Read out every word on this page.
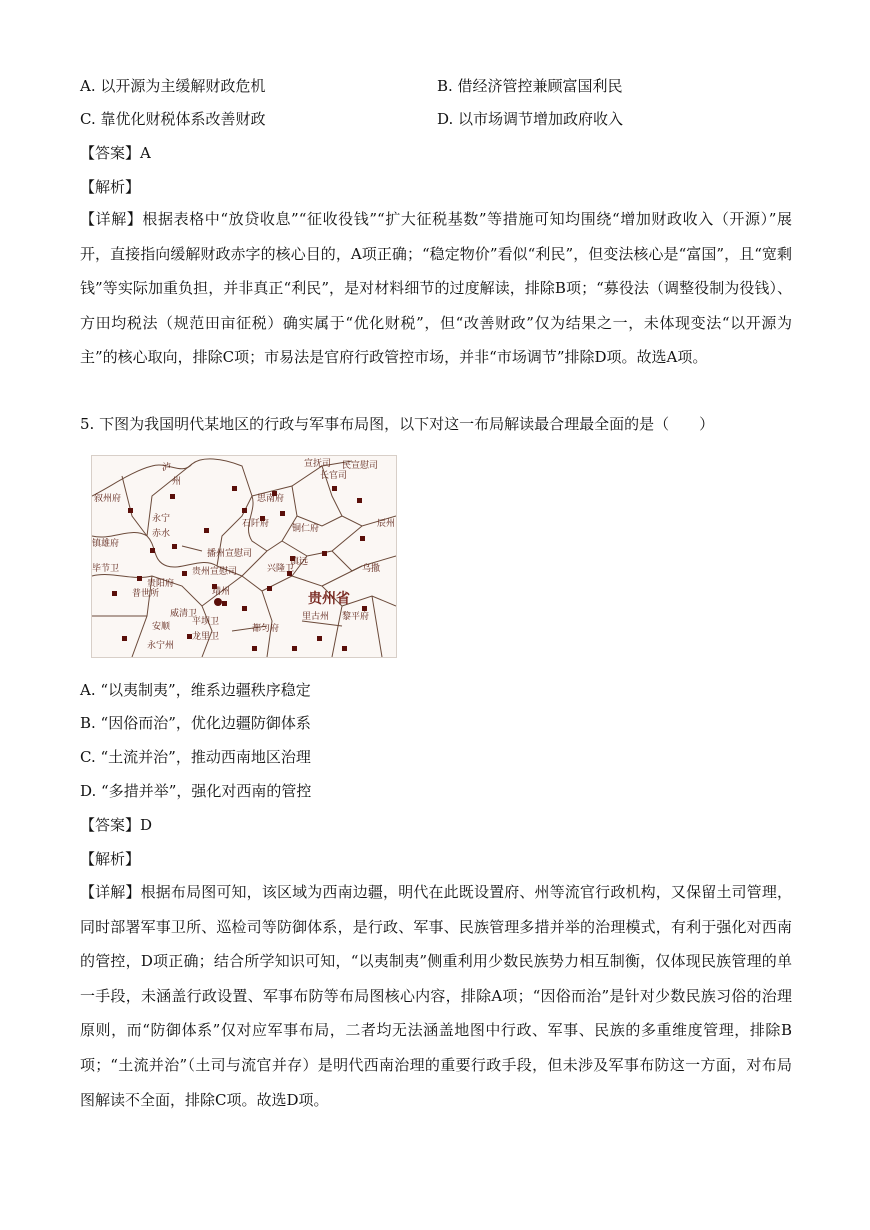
A. 以开源为主缓解财政危机	B. 借经济管控兼顾富国利民
C. 靠优化财税体系改善财政	D. 以市场调节增加政府收入
【答案】A
【解析】
【详解】根据表格中“放贷收息”“征收役钱”“扩大征税基数”等措施可知均围绕“增加财政收入（开源）”展开，直接指向缓解财政赤字的核心目的，A项正确；“稳定物价”看似“利民”，但变法核心是“富国”，且“宽剩钱”等实际加重负担，并非真正“利民”，是对材料细节的过度解读，排除B项；“募役法（调整役制为役钱）、方田均税法（规范田亩征税）确实属于“优化财税”，但“改善财政”仅为结果之一，未体现变法“以开源为主”的核心取向，排除C项；市易法是官府行政管控市场，并非“市场调节”排除D项。故选A项。
5. 下图为我国明代某地区的行政与军事布局图，以下对这一布局解读最合理最全面的是（　　）
泸
州
叙州府
宣抚司
长官司
民宣慰司
思南府
辰州
石阡府	铜仁府
镇雄府
永宁
赤水
播州宣慰司
贵州宣慰司	兴隆卫
镇远
乌撒
毕节卫
普世所
贵阳府
靖州
威清卫
安顺 平坝卫	里古州 黎平府
永宁州
龙里卫
都匀府
贵州省
A. “以夷制夷”，维系边疆秩序稳定
B. “因俗而治”，优化边疆防御体系
C. “土流并治”，推动西南地区治理
D. “多措并举”，强化对西南的管控
【答案】D
【解析】
【详解】根据布局图可知，该区域为西南边疆，明代在此既设置府、州等流官行政机构，又保留土司管理，同时部署军事卫所、巡检司等防御体系，是行政、军事、民族管理多措并举的治理模式，有利于强化对西南的管控，D项正确；结合所学知识可知，“以夷制夷”侧重利用少数民族势力相互制衡，仅体现民族管理的单一手段，未涵盖行政设置、军事布防等布局图核心内容，排除A项；“因俗而治”是针对少数民族习俗的治理原则，而“防御体系”仅对应军事布局，二者均无法涵盖地图中行政、军事、民族的多重维度管理，排除B项；“土流并治”（土司与流官并存）是明代西南治理的重要行政手段，但未涉及军事布防这一方面，对布局图解读不全面，排除C项。故选D项。
